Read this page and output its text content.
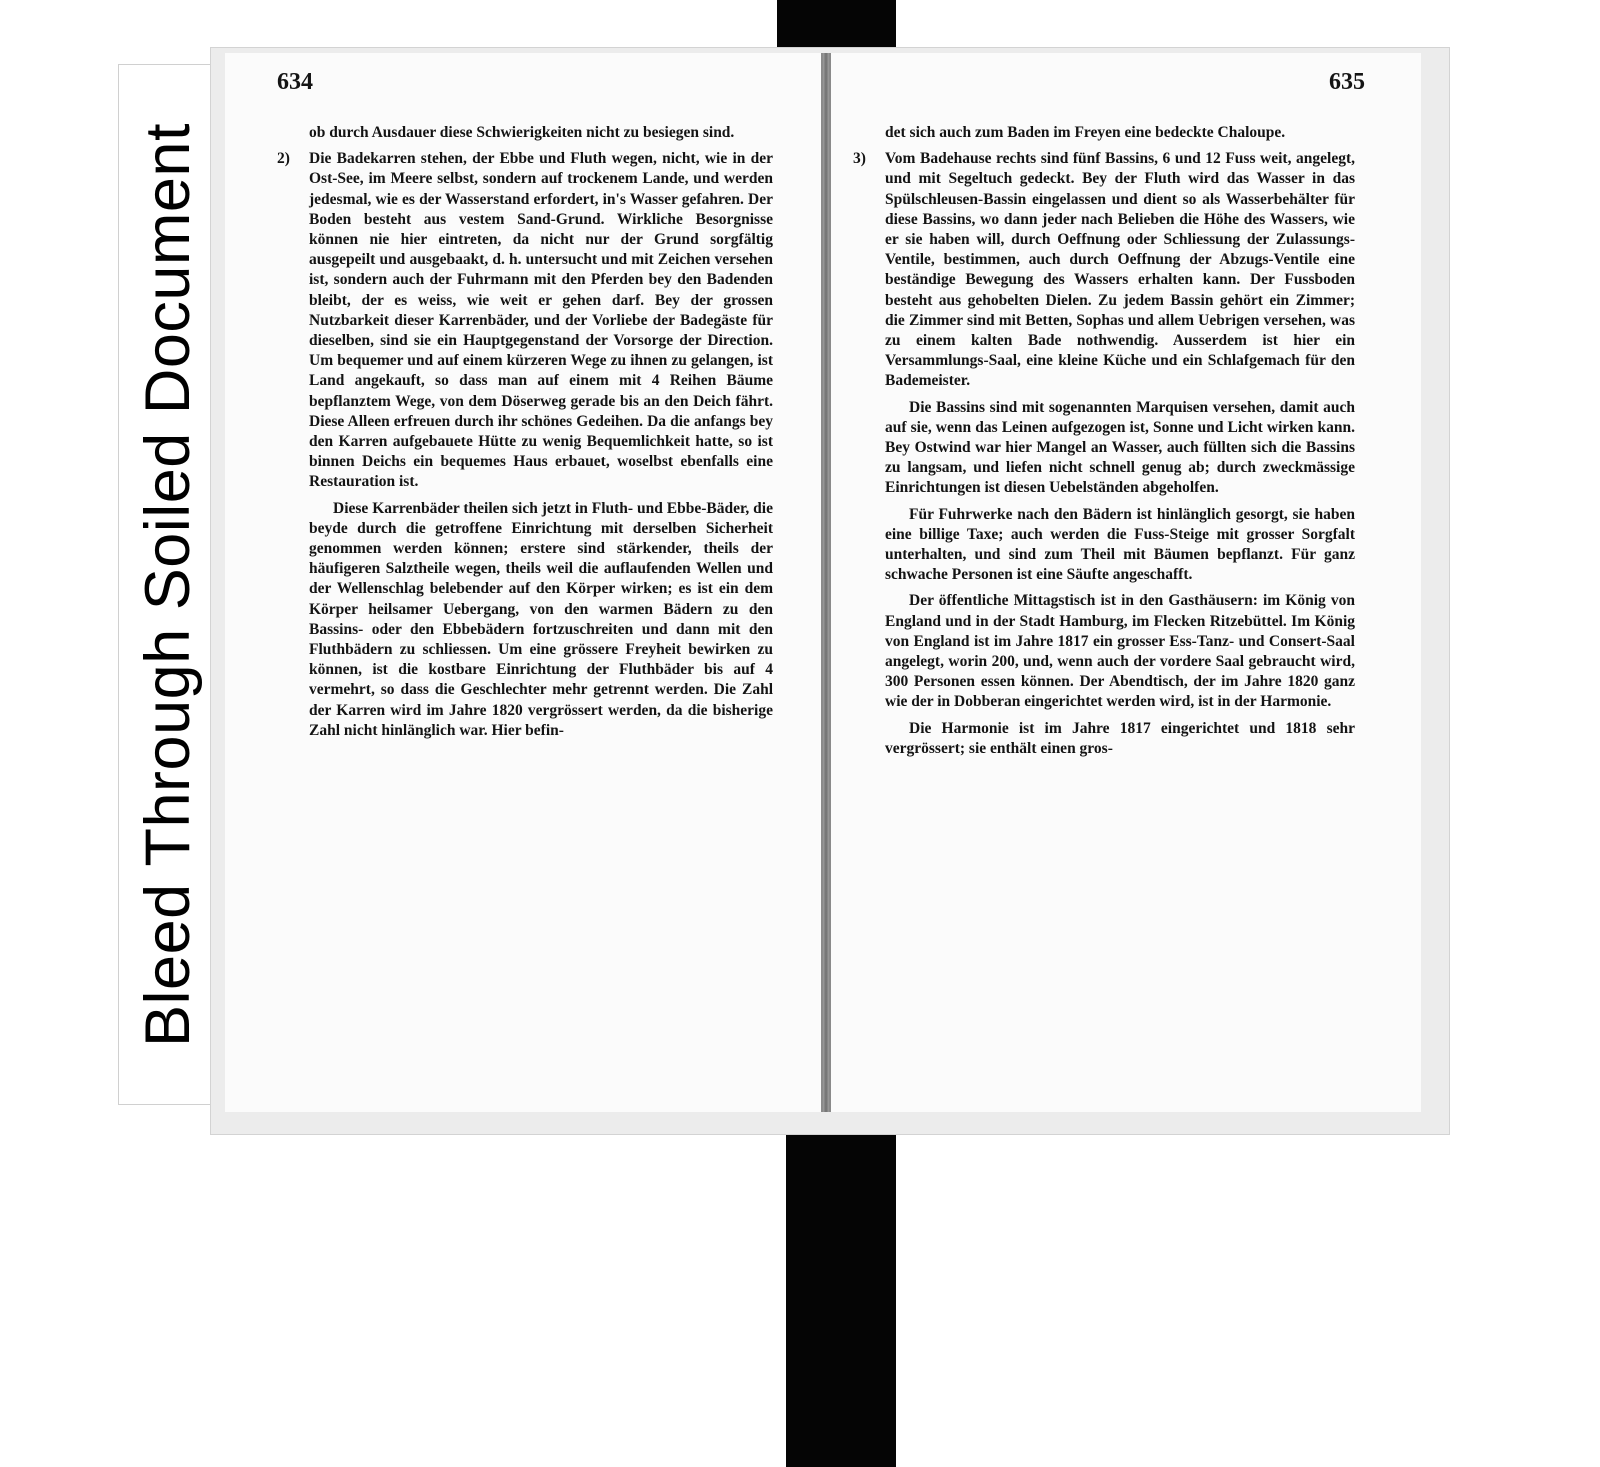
Bleed Through Soiled Document
634

ob durch Ausdauer diese Schwierigkeiten nicht zu besiegen sind.

2) Die Badekarren stehen, der Ebbe und Fluth wegen, nicht, wie in der Ost-See, im Meere selbst, sondern auf trockenem Lande, und werden jedesmal, wie es der Wasserstand erfordert, in's Wasser gefahren. Der Boden besteht aus vestem Sand-Grund. Wirkliche Besorgnisse können nie hier eintreten, da nicht nur der Grund sorgfältig ausgepeilt und ausgebaakt, d. h. untersucht und mit Zeichen versehen ist, sondern auch der Fuhrmann mit den Pferden bey den Badenden bleibt, der es weiss, wie weit er gehen darf. Bey der grossen Nutzbarkeit dieser Karrenbäder, und der Vorliebe der Badegäste für dieselben, sind sie ein Hauptgegenstand der Vorsorge der Direction. Um bequemer und auf einem kürzeren Wege zu ihnen zu gelangen, ist Land angekauft, so dass man auf einem mit 4 Reihen Bäume bepflanztem Wege, von dem Döserweg gerade bis an den Deich fährt. Diese Alleen erfreuen durch ihr schönes Gedeihen. Da die anfangs bey den Karren aufgebauete Hütte zu wenig Bequemlichkeit hatte, so ist binnen Deichs ein bequemes Haus erbauet, woselbst ebenfalls eine Restauration ist.

Diese Karrenbäder theilen sich jetzt in Fluth- und Ebbe-Bäder, die beyde durch die getroffene Einrichtung mit derselben Sicherheit genommen werden können; erstere sind stärkender, theils der häufigeren Salztheile wegen, theils weil die auflaufenden Wellen und der Wellenschlag belebender auf den Körper wirken; es ist ein dem Körper heilsamer Uebergang, von den warmen Bädern zu den Bassins- oder den Ebbebädern fortzuschreiten und dann mit den Fluthbädern zu schliessen. Um eine grössere Freyheit bewirken zu können, ist die kostbare Einrichtung der Fluthbäder bis auf 4 vermehrt, so dass die Geschlechter mehr getrennt werden. Die Zahl der Karren wird im Jahre 1820 vergrössert werden, da die bisherige Zahl nicht hinlänglich war. Hier befin-

635

det sich auch zum Baden im Freyen eine bedeckte Chaloupe.

3) Vom Badehause rechts sind fünf Bassins, 6 und 12 Fuss weit, angelegt, und mit Segeltuch gedeckt. Bey der Fluth wird das Wasser in das Spülschleusen-Bassin eingelassen und dient so als Wasserbehälter für diese Bassins, wo dann jeder nach Belieben die Höhe des Wassers, wie er sie haben will, durch Oeffnung oder Schliessung der Zulassungs-Ventile, bestimmen, auch durch Oeffnung der Abzugs-Ventile eine beständige Bewegung des Wassers erhalten kann. Der Fussboden besteht aus gehobelten Dielen. Zu jedem Bassin gehört ein Zimmer; die Zimmer sind mit Betten, Sophas und allem Uebrigen versehen, was zu einem kalten Bade nothwendig. Ausserdem ist hier ein Versammlungs-Saal, eine kleine Küche und ein Schlafgemach für den Bademeister.

Die Bassins sind mit sogenannten Marquisen versehen, damit auch auf sie, wenn das Leinen aufgezogen ist, Sonne und Licht wirken kann. Bey Ostwind war hier Mangel an Wasser, auch füllten sich die Bassins zu langsam, und liefen nicht schnell genug ab; durch zweckmässige Einrichtungen ist diesen Uebelständen abgeholfen.

Für Fuhrwerke nach den Bädern ist hinlänglich gesorgt, sie haben eine billige Taxe; auch werden die Fuss-Steige mit grosser Sorgfalt unterhalten, und sind zum Theil mit Bäumen bepflanzt. Für ganz schwache Personen ist eine Säufte angeschafft.

Der öffentliche Mittagstisch ist in den Gasthäusern: im König von England und in der Stadt Hamburg, im Flecken Ritzebüttel. Im König von England ist im Jahre 1817 ein grosser Ess-Tanz- und Consert-Saal angelegt, worin 200, und, wenn auch der vordere Saal gebraucht wird, 300 Personen essen können. Der Abendtisch, der im Jahre 1820 ganz wie der in Dobberan eingerichtet werden wird, ist in der Harmonie.

Die Harmonie ist im Jahre 1817 eingerichtet und 1818 sehr vergrössert; sie enthält einen gros-
